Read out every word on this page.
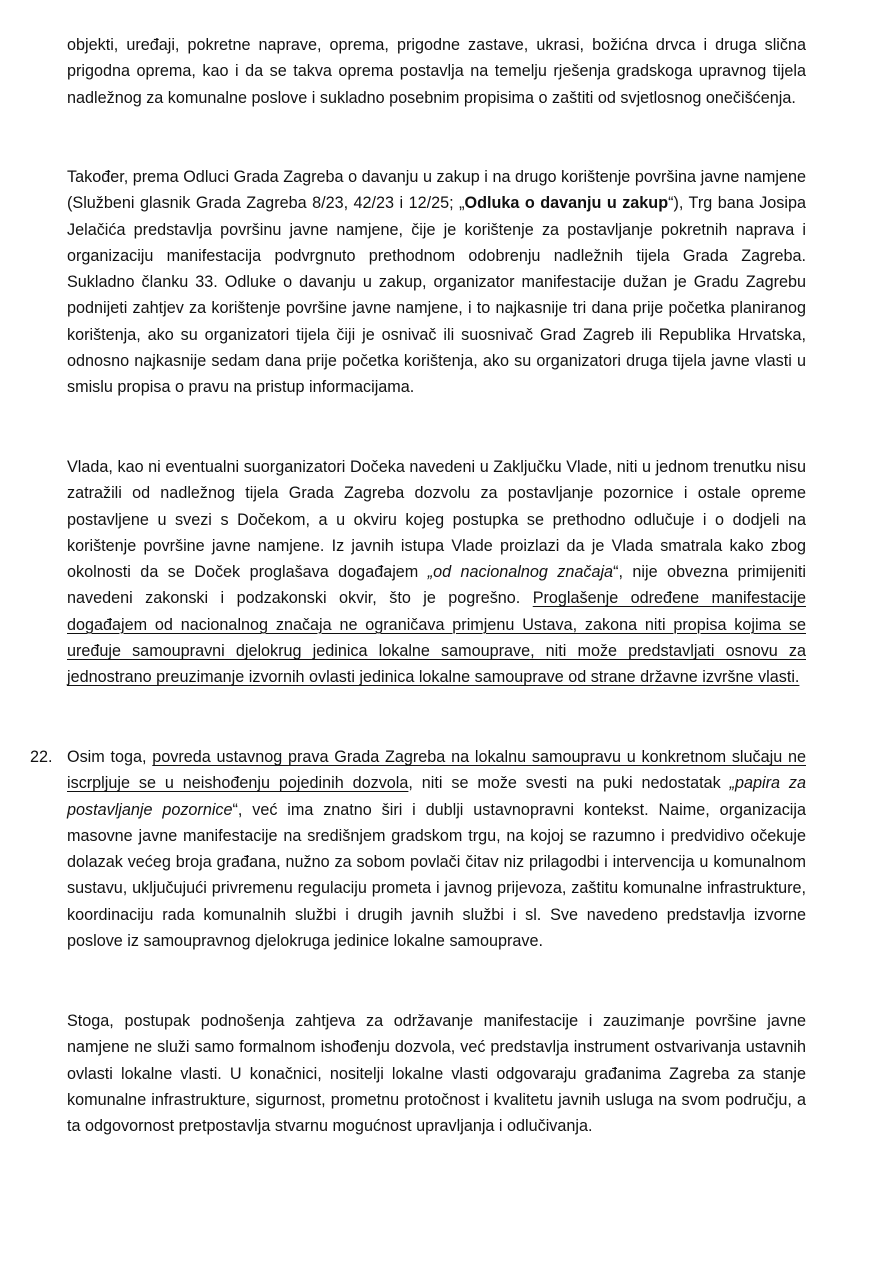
objekti, uređaji, pokretne naprave, oprema, prigodne zastave, ukrasi, božićna drvca i druga slična prigodna oprema, kao i da se takva oprema postavlja na temelju rješenja gradskoga upravnog tijela nadležnog za komunalne poslove i sukladno posebnim propisima o zaštiti od svjetlosnog onečišćenja.

Također, prema Odluci Grada Zagreba o davanju u zakup i na drugo korištenje površina javne namjene (Službeni glasnik Grada Zagreba 8/23, 42/23 i 12/25; „Odluka o davanju u zakup“), Trg bana Josipa Jelačića predstavlja površinu javne namjene, čije je korištenje za postavljanje pokretnih naprava i organizaciju manifestacija podvrgnuto prethodnom odobrenju nadležnih tijela Grada Zagreba. Sukladno članku 33. Odluke o davanju u zakup, organizator manifestacije dužan je Gradu Zagrebu podnijeti zahtjev za korištenje površine javne namjene, i to najkasnije tri dana prije početka planiranog korištenja, ako su organizatori tijela čiji je osnivač ili suosnivač Grad Zagreb ili Republika Hrvatska, odnosno najkasnije sedam dana prije početka korištenja, ako su organizatori druga tijela javne vlasti u smislu propisa o pravu na pristup informacijama.

Vlada, kao ni eventualni suorganizatori Dočeka navedeni u Zaključku Vlade, niti u jednom trenutku nisu zatražili od nadležnog tijela Grada Zagreba dozvolu za postavljanje pozornice i ostale opreme postavljene u svezi s Dočekom, a u okviru kojeg postupka se prethodno odlučuje i o dodjeli na korištenje površine javne namjene. Iz javnih istupa Vlade proizlazi da je Vlada smatrala kako zbog okolnosti da se Doček proglašava događajem „od nacionalnog značaja“, nije obvezna primijeniti navedeni zakonski i podzakonski okvir, što je pogrešno. Proglašenje određene manifestacije događajem od nacionalnog značaja ne ograničava primjenu Ustava, zakona niti propisa kojima se uređuje samoupravni djelokrug jedinica lokalne samouprave, niti može predstavljati osnovu za jednostrano preuzimanje izvornih ovlasti jedinica lokalne samouprave od strane državne izvršne vlasti.

22. Osim toga, povreda ustavnog prava Grada Zagreba na lokalnu samoupravu u konkretnom slučaju ne iscrpljuje se u neishođenju pojedinih dozvola, niti se može svesti na puki nedostatak „papira za postavljanje pozornice“, već ima znatno širi i dublji ustavnopravni kontekst. Naime, organizacija masovne javne manifestacije na središnjem gradskom trgu, na kojoj se razumno i predvidivo očekuje dolazak većeg broja građana, nužno za sobom povlači čitav niz prilagodbi i intervencija u komunalnom sustavu, uključujući privremenu regulaciju prometa i javnog prijevoza, zaštitu komunalne infrastrukture, koordinaciju rada komunalnih službi i drugih javnih službi i sl. Sve navedeno predstavlja izvorne poslove iz samoupravnog djelokruga jedinice lokalne samouprave.

Stoga, postupak podnošenja zahtjeva za održavanje manifestacije i zauzimanje površine javne namjene ne služi samo formalnom ishođenju dozvola, već predstavlja instrument ostvarivanja ustavnih ovlasti lokalne vlasti. U konačnici, nositelji lokalne vlasti odgovaraju građanima Zagreba za stanje komunalne infrastrukture, sigurnost, prometnu protočnost i kvalitetu javnih usluga na svom području, a ta odgovornost pretpostavlja stvarnu mogućnost upravljanja i odlučivanja.
